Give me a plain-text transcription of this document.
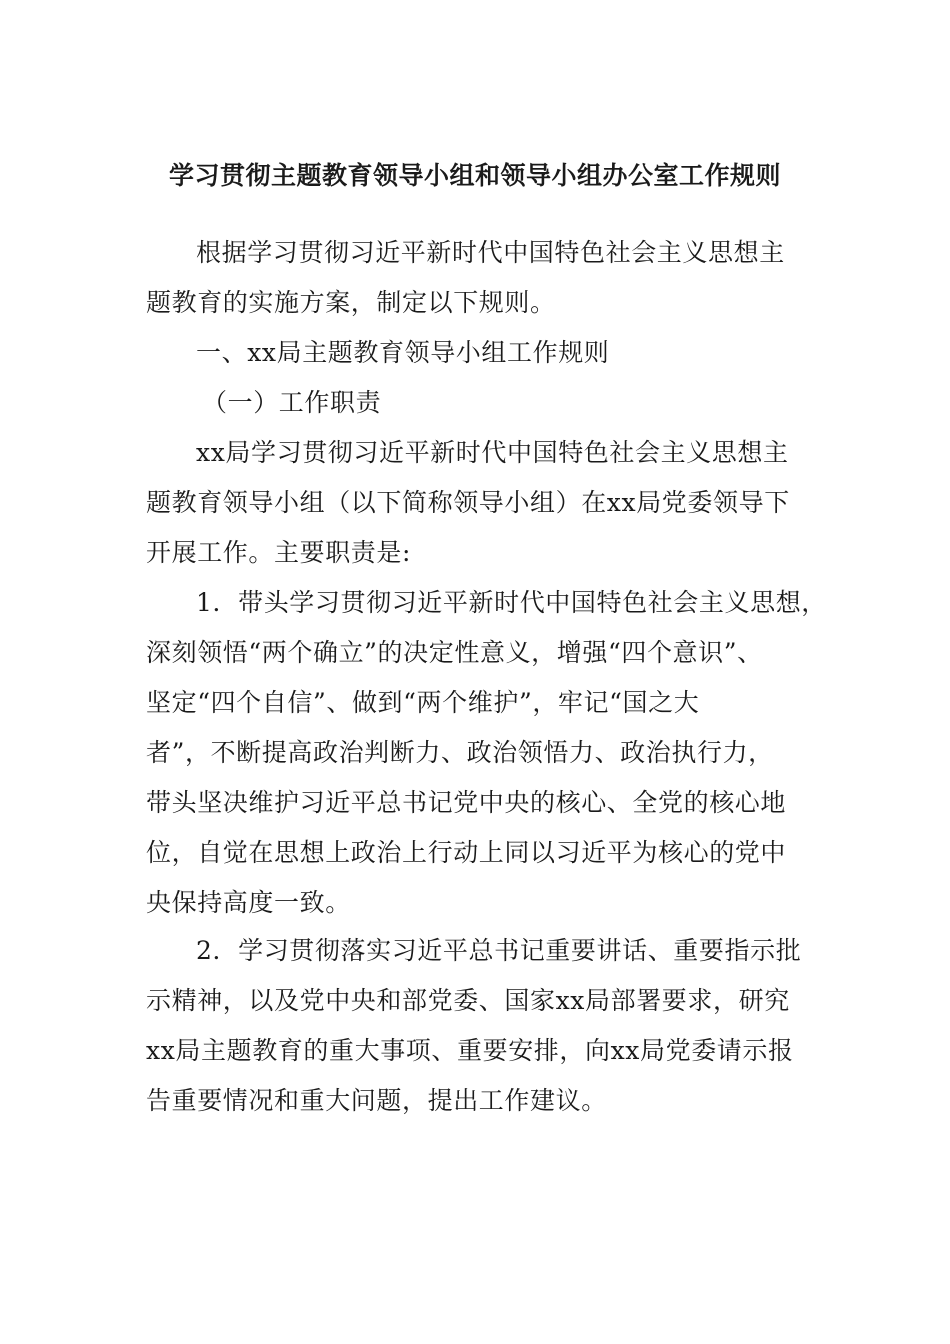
学习贯彻主题教育领导小组和领导小组办公室工作规则
根据学习贯彻习近平新时代中国特色社会主义思想主
题教育的实施方案，制定以下规则。
一、xx局主题教育领导小组工作规则
（一）工作职责
xx局学习贯彻习近平新时代中国特色社会主义思想主
题教育领导小组（以下简称领导小组）在xx局党委领导下
开展工作。主要职责是:
1．带头学习贯彻习近平新时代中国特色社会主义思想，
深刻领悟“两个确立”的决定性意义，增强“四个意识”、
坚定“四个自信”、做到“两个维护”，牢记“国之大
者”，不断提高政治判断力、政治领悟力、政治执行力，
带头坚决维护习近平总书记党中央的核心、全党的核心地
位，自觉在思想上政治上行动上同以习近平为核心的党中
央保持高度一致。
2．学习贯彻落实习近平总书记重要讲话、重要指示批
示精神，以及党中央和部党委、国家xx局部署要求，研究
xx局主题教育的重大事项、重要安排，向xx局党委请示报
告重要情况和重大问题，提出工作建议。
